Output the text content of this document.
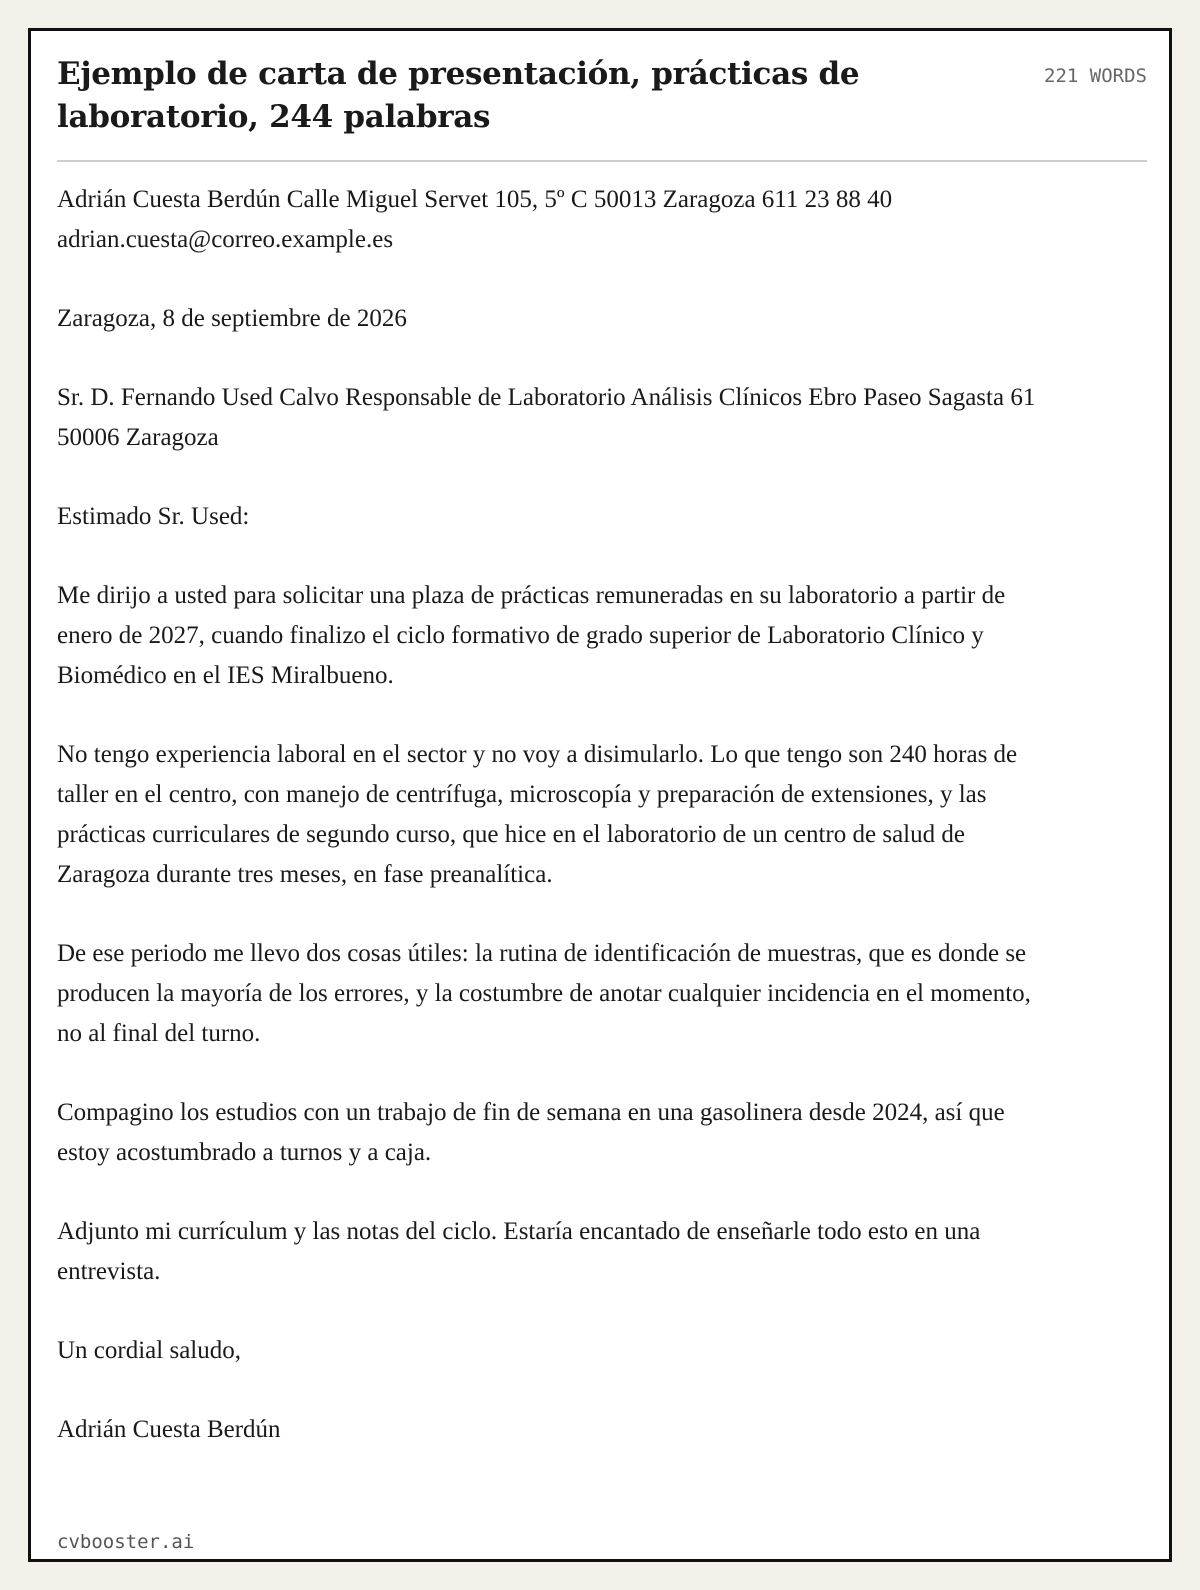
Ejemplo de carta de presentación, prácticas de laboratorio, 244 palabras
221 WORDS

Adrián Cuesta Berdún Calle Miguel Servet 105, 5º C 50013 Zaragoza 611 23 88 40 adrian.cuesta@correo.example.es

Zaragoza, 8 de septiembre de 2026

Sr. D. Fernando Used Calvo Responsable de Laboratorio Análisis Clínicos Ebro Paseo Sagasta 61 50006 Zaragoza

Estimado Sr. Used:

Me dirijo a usted para solicitar una plaza de prácticas remuneradas en su laboratorio a partir de enero de 2027, cuando finalizo el ciclo formativo de grado superior de Laboratorio Clínico y Biomédico en el IES Miralbueno.

No tengo experiencia laboral en el sector y no voy a disimularlo. Lo que tengo son 240 horas de taller en el centro, con manejo de centrífuga, microscopía y preparación de extensiones, y las prácticas curriculares de segundo curso, que hice en el laboratorio de un centro de salud de Zaragoza durante tres meses, en fase preanalítica.

De ese periodo me llevo dos cosas útiles: la rutina de identificación de muestras, que es donde se producen la mayoría de los errores, y la costumbre de anotar cualquier incidencia en el momento, no al final del turno.

Compagino los estudios con un trabajo de fin de semana en una gasolinera desde 2024, así que estoy acostumbrado a turnos y a caja.

Adjunto mi currículum y las notas del ciclo. Estaría encantado de enseñarle todo esto en una entrevista.

Un cordial saludo,

Adrián Cuesta Berdún

cvbooster.ai
